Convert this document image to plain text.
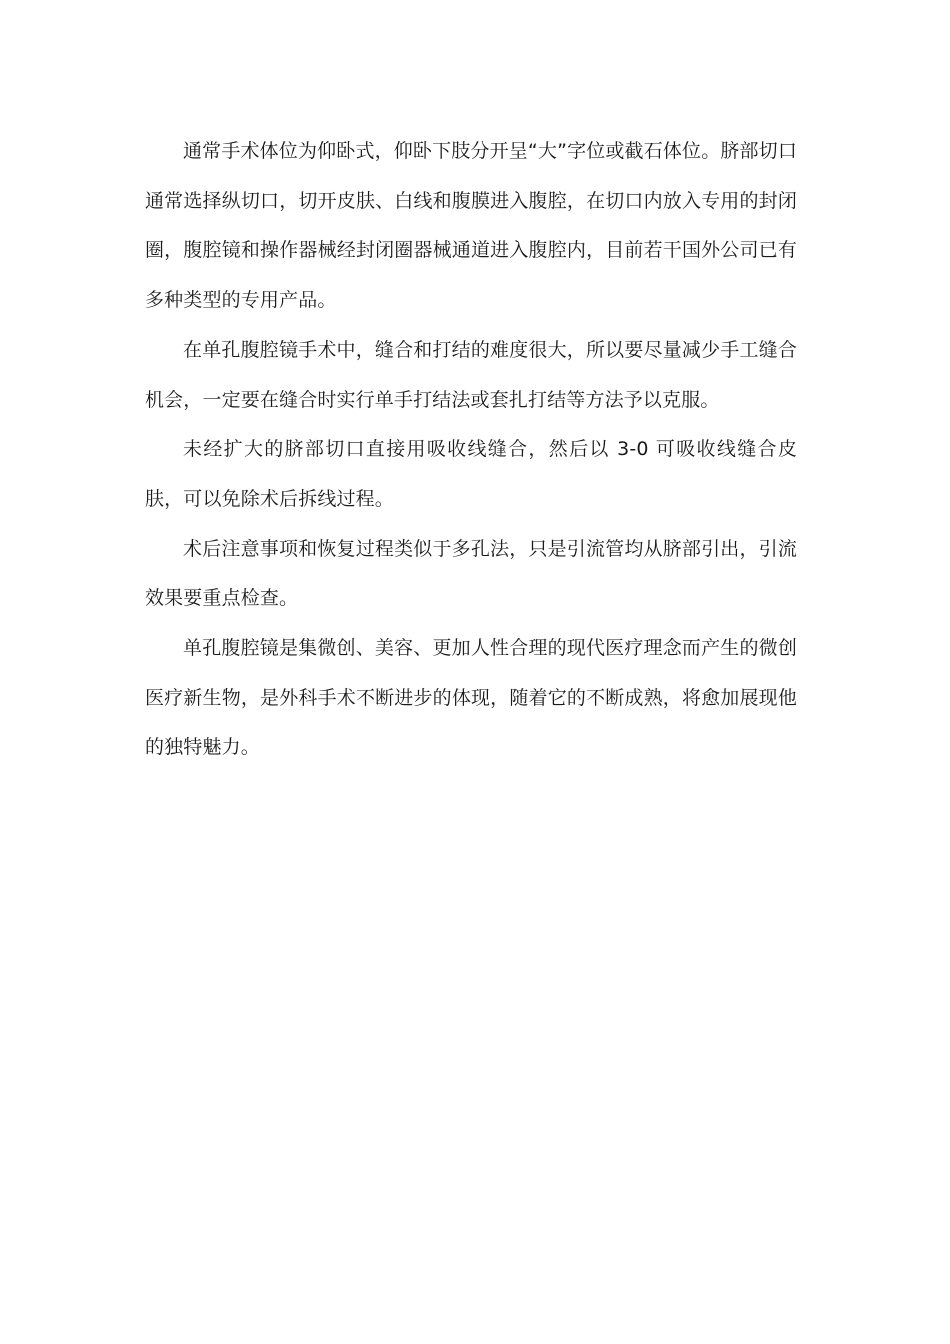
通常手术体位为仰卧式，仰卧下肢分开呈“大”字位或截石体位。脐部切口通常选择纵切口，切开皮肤、白线和腹膜进入腹腔，在切口内放入专用的封闭圈，腹腔镜和操作器械经封闭圈器械通道进入腹腔内，目前若干国外公司已有多种类型的专用产品。

在单孔腹腔镜手术中，缝合和打结的难度很大，所以要尽量减少手工缝合机会，一定要在缝合时实行单手打结法或套扎打结等方法予以克服。

未经扩大的脐部切口直接用吸收线缝合，然后以 3-0 可吸收线缝合皮肤，可以免除术后拆线过程。

术后注意事项和恢复过程类似于多孔法，只是引流管均从脐部引出，引流效果要重点检查。

单孔腹腔镜是集微创、美容、更加人性合理的现代医疗理念而产生的微创医疗新生物，是外科手术不断进步的体现，随着它的不断成熟，将愈加展现他的独特魅力。
